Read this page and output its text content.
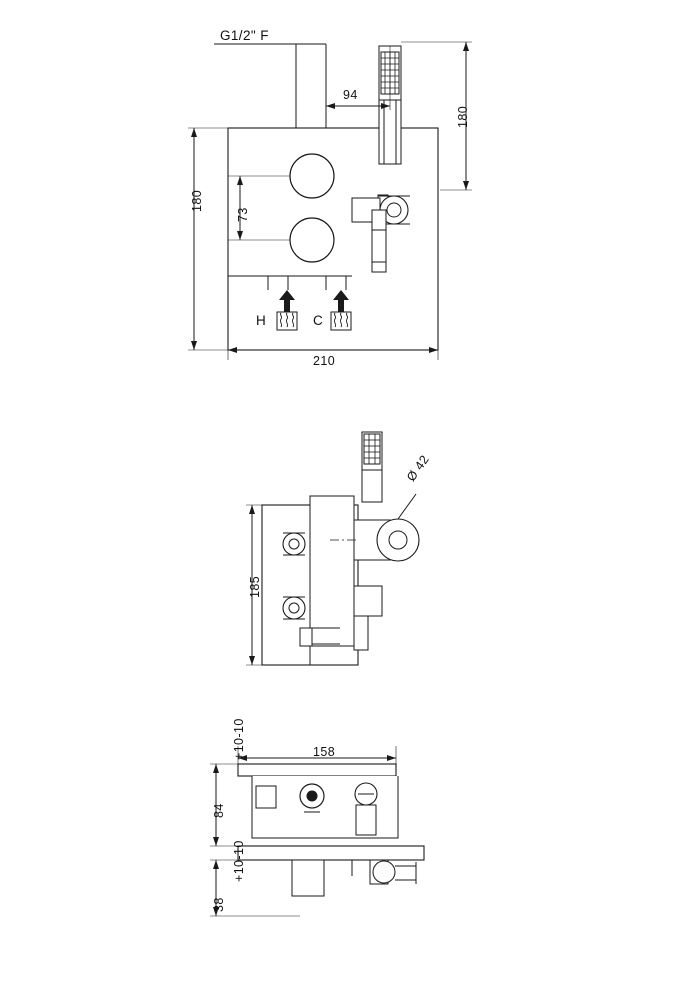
G1/2" F
94
180
180
73
210
H	C
185
Ø 42
+10-10
84
158
38
+10-10
